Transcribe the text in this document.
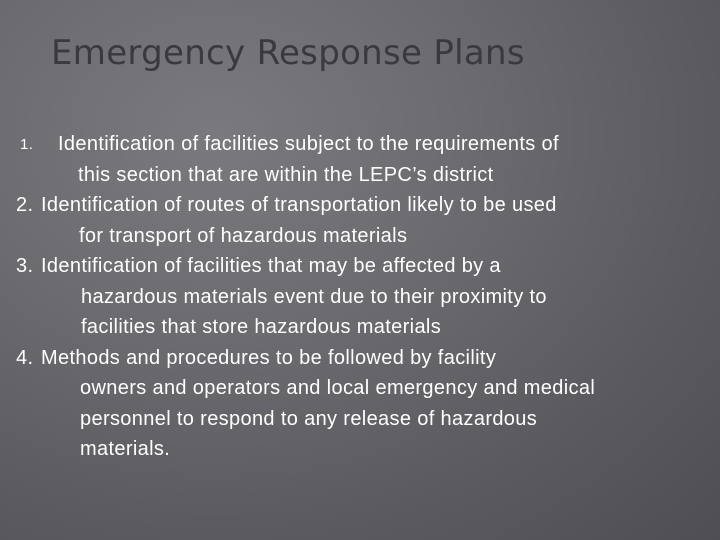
Emergency Response Plans
1. Identification of facilities subject to the requirements of
this section that are within the LEPC’s district
2. Identification of routes of transportation likely to be used
for transport of hazardous materials
3. Identification of facilities that may be affected by a
hazardous materials event due to their proximity to
facilities that store hazardous materials
4. Methods and procedures to be followed by facility
owners and operators and local emergency and medical
personnel to respond to any release of hazardous
materials.
